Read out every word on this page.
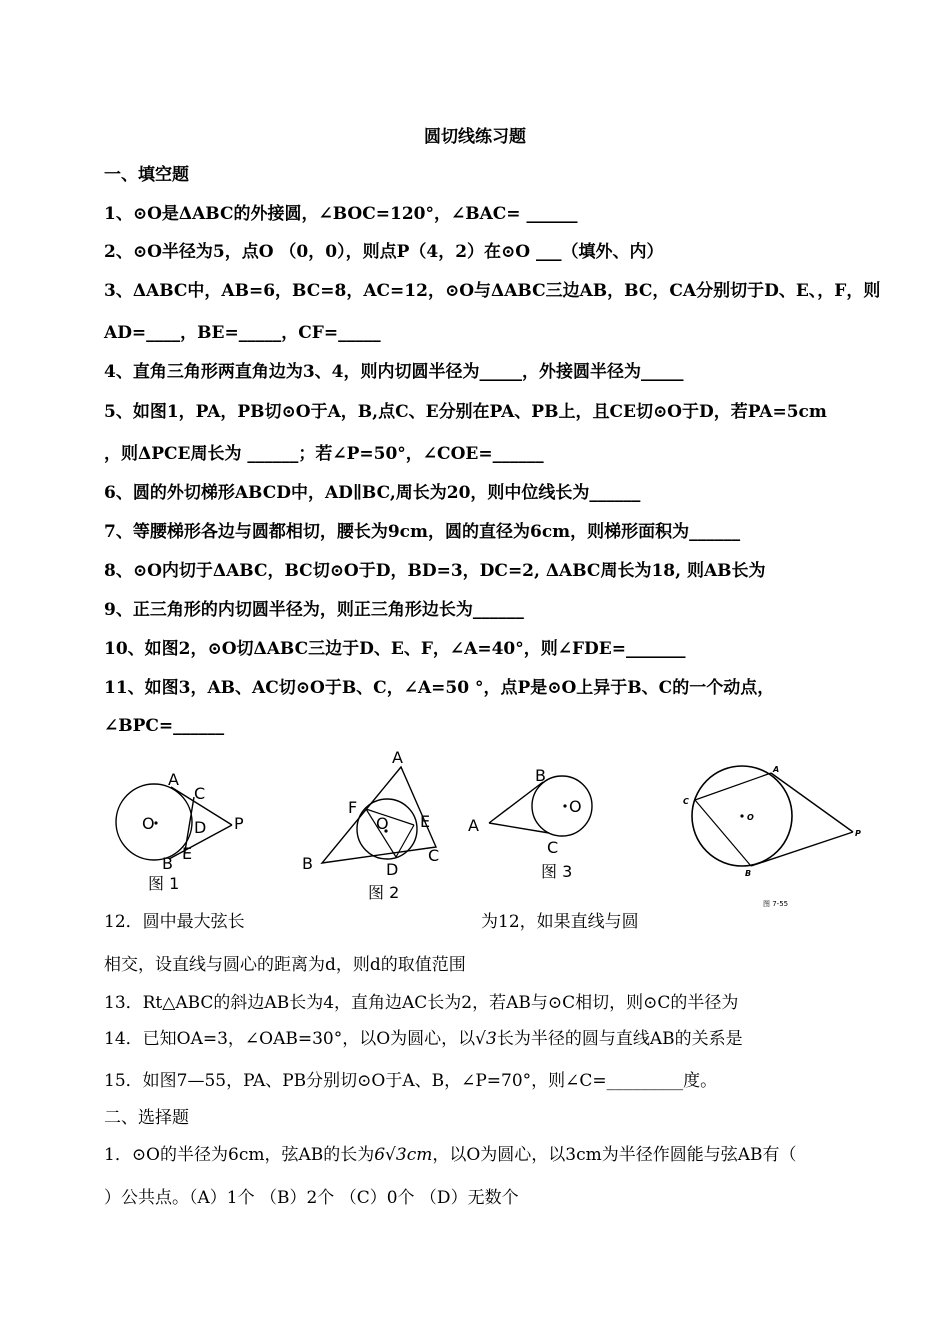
圆切线练习题
一、填空题
1、⊙O是ΔABC的外接圆，∠BOC=120°，∠BAC= ______
2、⊙O半径为5，点O （0，0），则点P（4，2）在⊙O ___（填外、内）
3、ΔABC中，AB=6，BC=8，AC=12，⊙O与ΔABC三边AB，BC，CA分别切于D、E、，F，则
AD=____，BE=_____，CF=_____
4、直角三角形两直角边为3、4，则内切圆半径为_____，外接圆半径为_____
5、如图1，PA，PB切⊙O于A，B,点C、E分别在PA、PB上，且CE切⊙O于D，若PA=5cm
，则ΔPCE周长为 ______；若∠P=50°，∠COE=______
6、圆的外切梯形ABCD中，AD∥BC,周长为20，则中位线长为______
7、等腰梯形各边与圆都相切，腰长为9cm，圆的直径为6cm，则梯形面积为______
8、⊙O内切于ΔABC，BC切⊙O于D，BD=3，DC=2, ΔABC周长为18, 则AB长为
9、正三角形的内切圆半径为，则正三角形边长为______
10、如图2，⊙O切ΔABC三边于D、E、F，∠A=40°，则∠FDE=_______
11、如图3，AB、AC切⊙O于B、C，∠A=50 °，点P是⊙O上异于B、C的一个动点，
∠BPC=______
A
C
O D P
B
E
图 1
A
F
O E
B	D
C
图 2
B
O
A
C
图 3
A
C
O
P
B
图 7-55
12．圆中最大弦长	为12，如果直线与圆
相交，设直线与圆心的距离为d，则d的取值范围
13．Rt△ABC的斜边AB长为4，直角边AC长为2，若AB与⊙C相切，则⊙C的半径为
14．已知OA=3，∠OAB=30°，以O为圆心，以√3长为半径的圆与直线AB的关系是
15．如图7—55，PA、PB分别切⊙O于A、B，∠P=70°，则∠C=_________度。
二、选择题
1．⊙O的半径为6cm，弦AB的长为6√3cm，以O为圆心，以3cm为半径作圆能与弦AB有（
）公共点。（A）1个 （B）2个 （C）0个 （D）无数个
